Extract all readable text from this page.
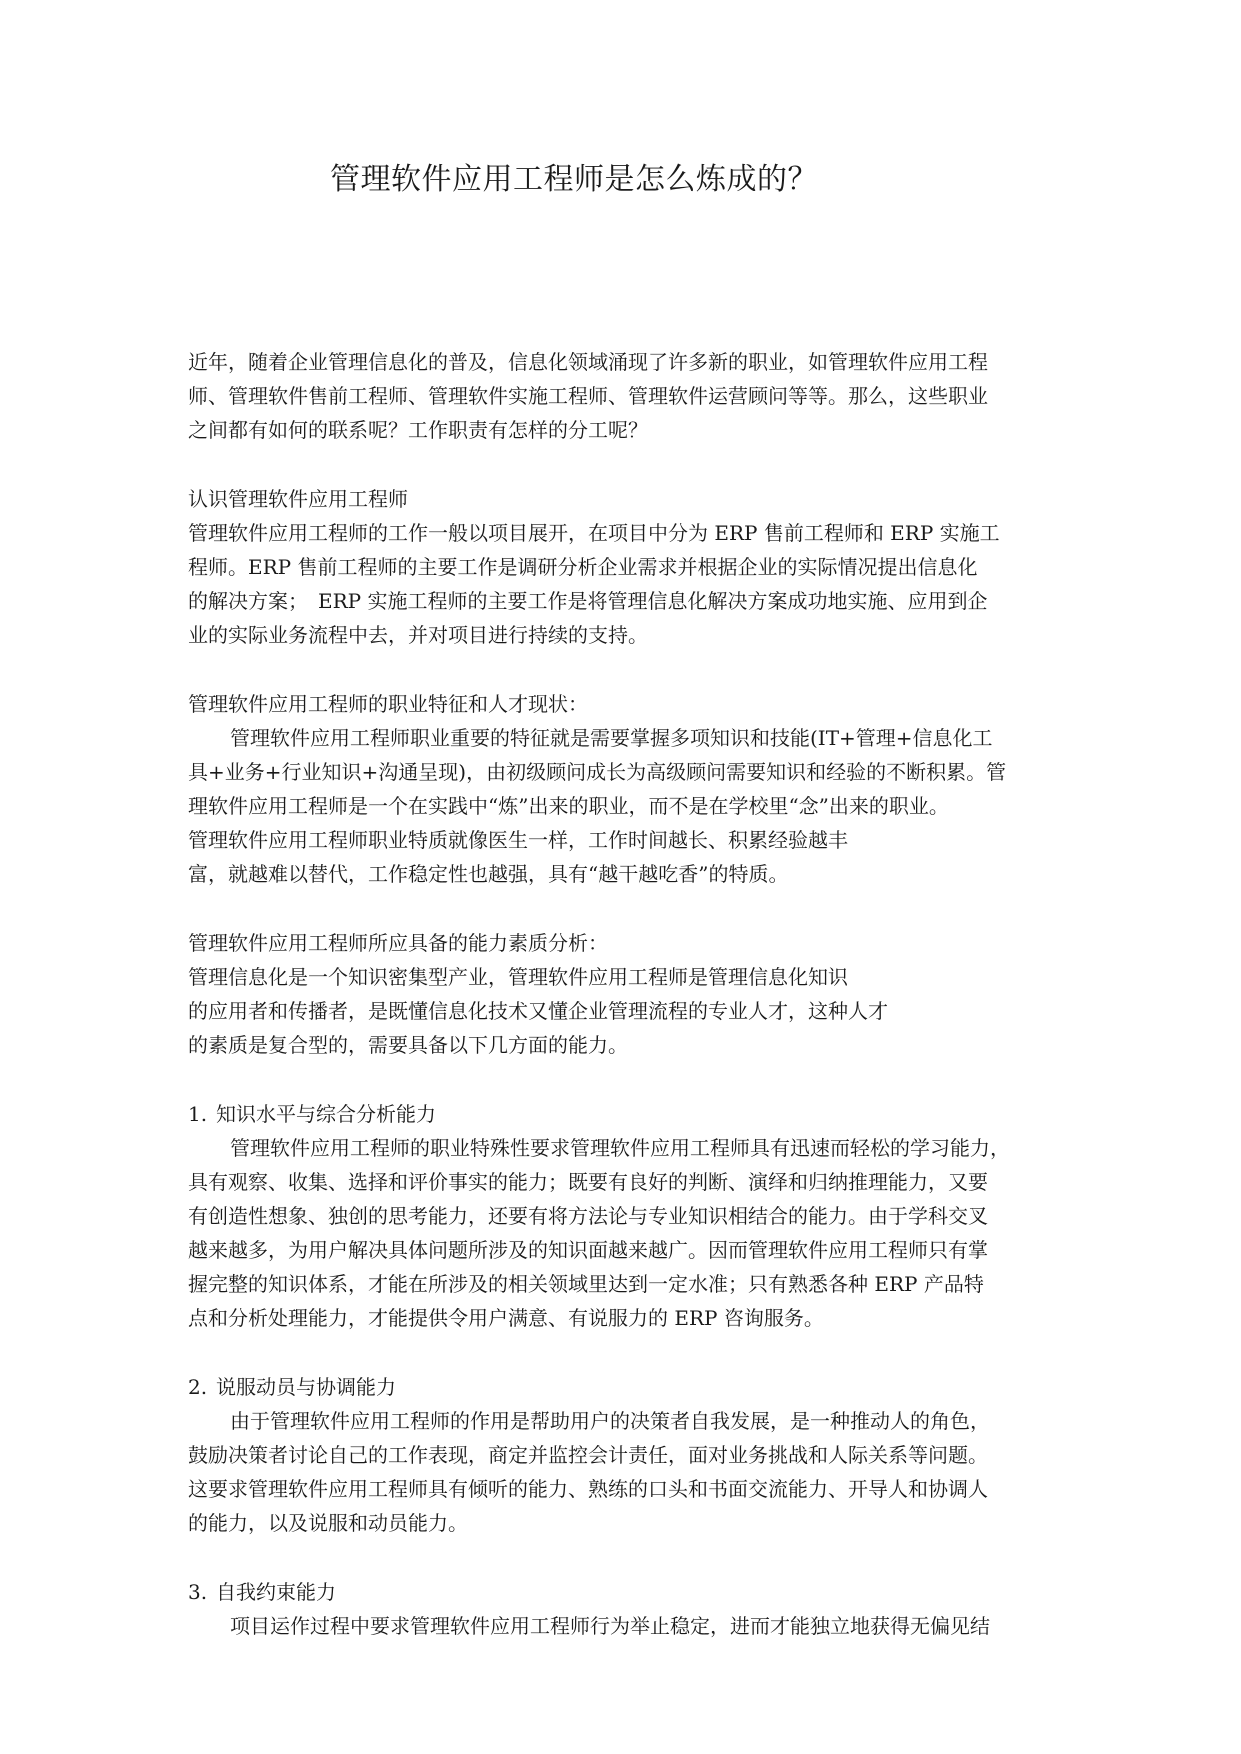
管理软件应用工程师是怎么炼成的？
近年，随着企业管理信息化的普及，信息化领域涌现了许多新的职业，如管理软件应用工程
师、管理软件售前工程师、管理软件实施工程师、管理软件运营顾问等等。那么，这些职业
之间都有如何的联系呢？工作职责有怎样的分工呢？
认识管理软件应用工程师
管理软件应用工程师的工作一般以项目展开，在项目中分为 ERP 售前工程师和 ERP 实施工
程师。ERP 售前工程师的主要工作是调研分析企业需求并根据企业的实际情况提出信息化
的解决方案；　ERP 实施工程师的主要工作是将管理信息化解决方案成功地实施、应用到企
业的实际业务流程中去，并对项目进行持续的支持。
管理软件应用工程师的职业特征和人才现状：
管理软件应用工程师职业重要的特征就是需要掌握多项知识和技能(IT+管理+信息化工
具+业务+行业知识+沟通呈现)，由初级顾问成长为高级顾问需要知识和经验的不断积累。管
理软件应用工程师是一个在实践中“炼”出来的职业，而不是在学校里“念”出来的职业。
管理软件应用工程师职业特质就像医生一样，工作时间越长、积累经验越丰
富，就越难以替代，工作稳定性也越强，具有“越干越吃香”的特质。
管理软件应用工程师所应具备的能力素质分析：
管理信息化是一个知识密集型产业，管理软件应用工程师是管理信息化知识
的应用者和传播者，是既懂信息化技术又懂企业管理流程的专业人才，这种人才
的素质是复合型的，需要具备以下几方面的能力。
1. 知识水平与综合分析能力
管理软件应用工程师的职业特殊性要求管理软件应用工程师具有迅速而轻松的学习能力，
具有观察、收集、选择和评价事实的能力；既要有良好的判断、演绎和归纳推理能力，又要
有创造性想象、独创的思考能力，还要有将方法论与专业知识相结合的能力。由于学科交叉
越来越多，为用户解决具体问题所涉及的知识面越来越广。因而管理软件应用工程师只有掌
握完整的知识体系，才能在所涉及的相关领域里达到一定水准；只有熟悉各种 ERP 产品特
点和分析处理能力，才能提供令用户满意、有说服力的 ERP 咨询服务。
2. 说服动员与协调能力
由于管理软件应用工程师的作用是帮助用户的决策者自我发展，是一种推动人的角色，
鼓励决策者讨论自己的工作表现，商定并监控会计责任，面对业务挑战和人际关系等问题。
这要求管理软件应用工程师具有倾听的能力、熟练的口头和书面交流能力、开导人和协调人
的能力，以及说服和动员能力。
3. 自我约束能力
项目运作过程中要求管理软件应用工程师行为举止稳定，进而才能独立地获得无偏见结
